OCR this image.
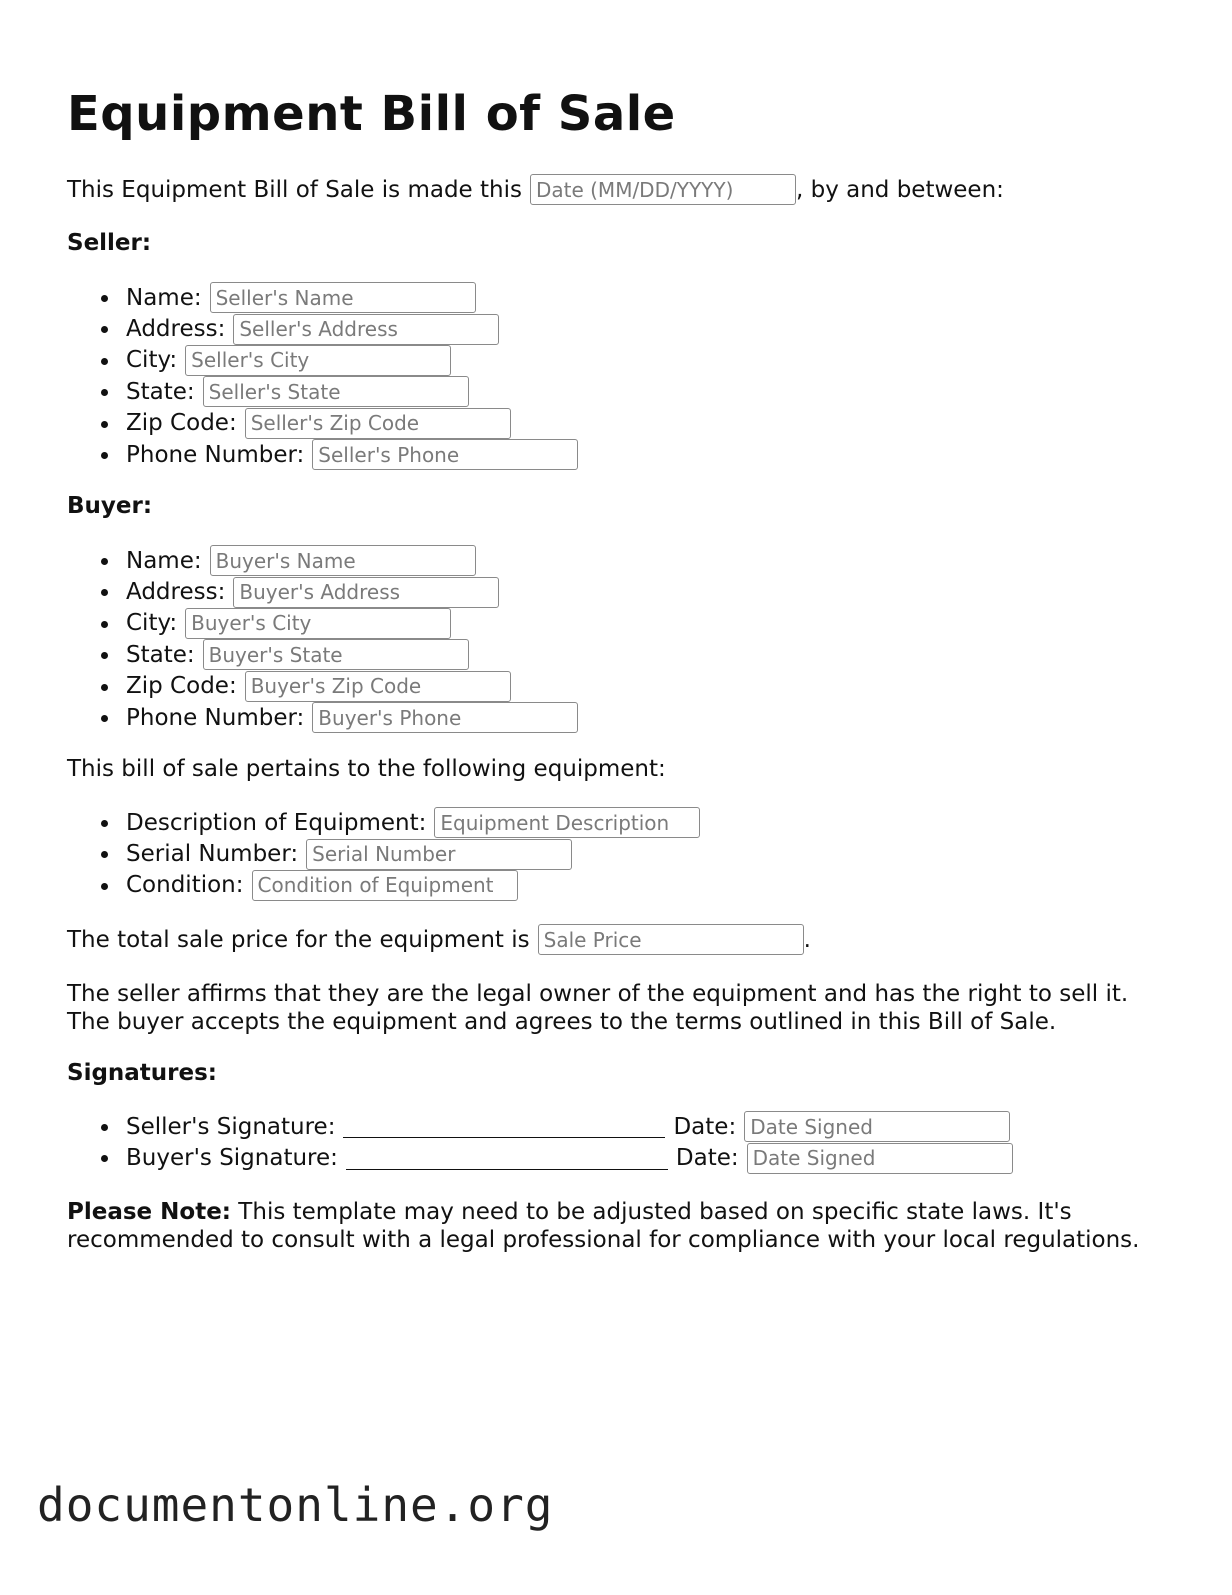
Equipment Bill of Sale
This Equipment Bill of Sale is made this
Date (MM/DD/YYYY)	, by and between:
Seller:
Name:
Seller's Name
Address:
Seller's Address
City:
Seller's City
State:
Seller's State
Zip Code:
Seller's Zip Code
Phone Number:
Seller's Phone
Buyer:
Name:
Buyer's Name
Address:
Buyer's Address
City:
Buyer's City
State:
Buyer's State
Zip Code:
Buyer's Zip Code
Phone Number:
Buyer's Phone
This bill of sale pertains to the following equipment:
Description of Equipment:
Equipment Description
Serial Number:
Serial Number
Condition:
Condition of Equipment
The total sale price for the equipment is
Sale Price	.
The seller affirms that they are the legal owner of the equipment and has the right to sell it. The buyer accepts the equipment and agrees to the terms outlined in this Bill of Sale.
Signatures:
Seller's Signature:	Date:
Date Signed
Buyer's Signature:	Date:
Date Signed
Please Note: This template may need to be adjusted based on specific state laws. It's recommended to consult with a legal professional for compliance with your local regulations.
documentonline.org
